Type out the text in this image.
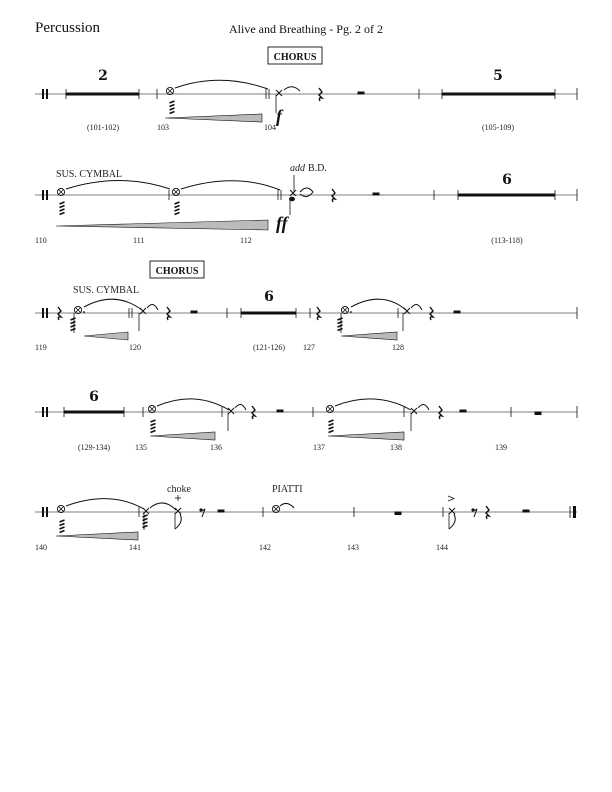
Percussion	Alive and Breathing - Pg. 2 of 2
2
(101-102)	103
f
104
5
(105-109)
CHORUS
SUS. CYMBAL
ff
add B.D.
6
(113-118)
110	111	112
CHORUS
SUS. CYMBAL	6
(121-126)
119	120	127	128
6
(129-134)	135	136	137	138	139
choke	PIATTI
140	141	142	143	144
